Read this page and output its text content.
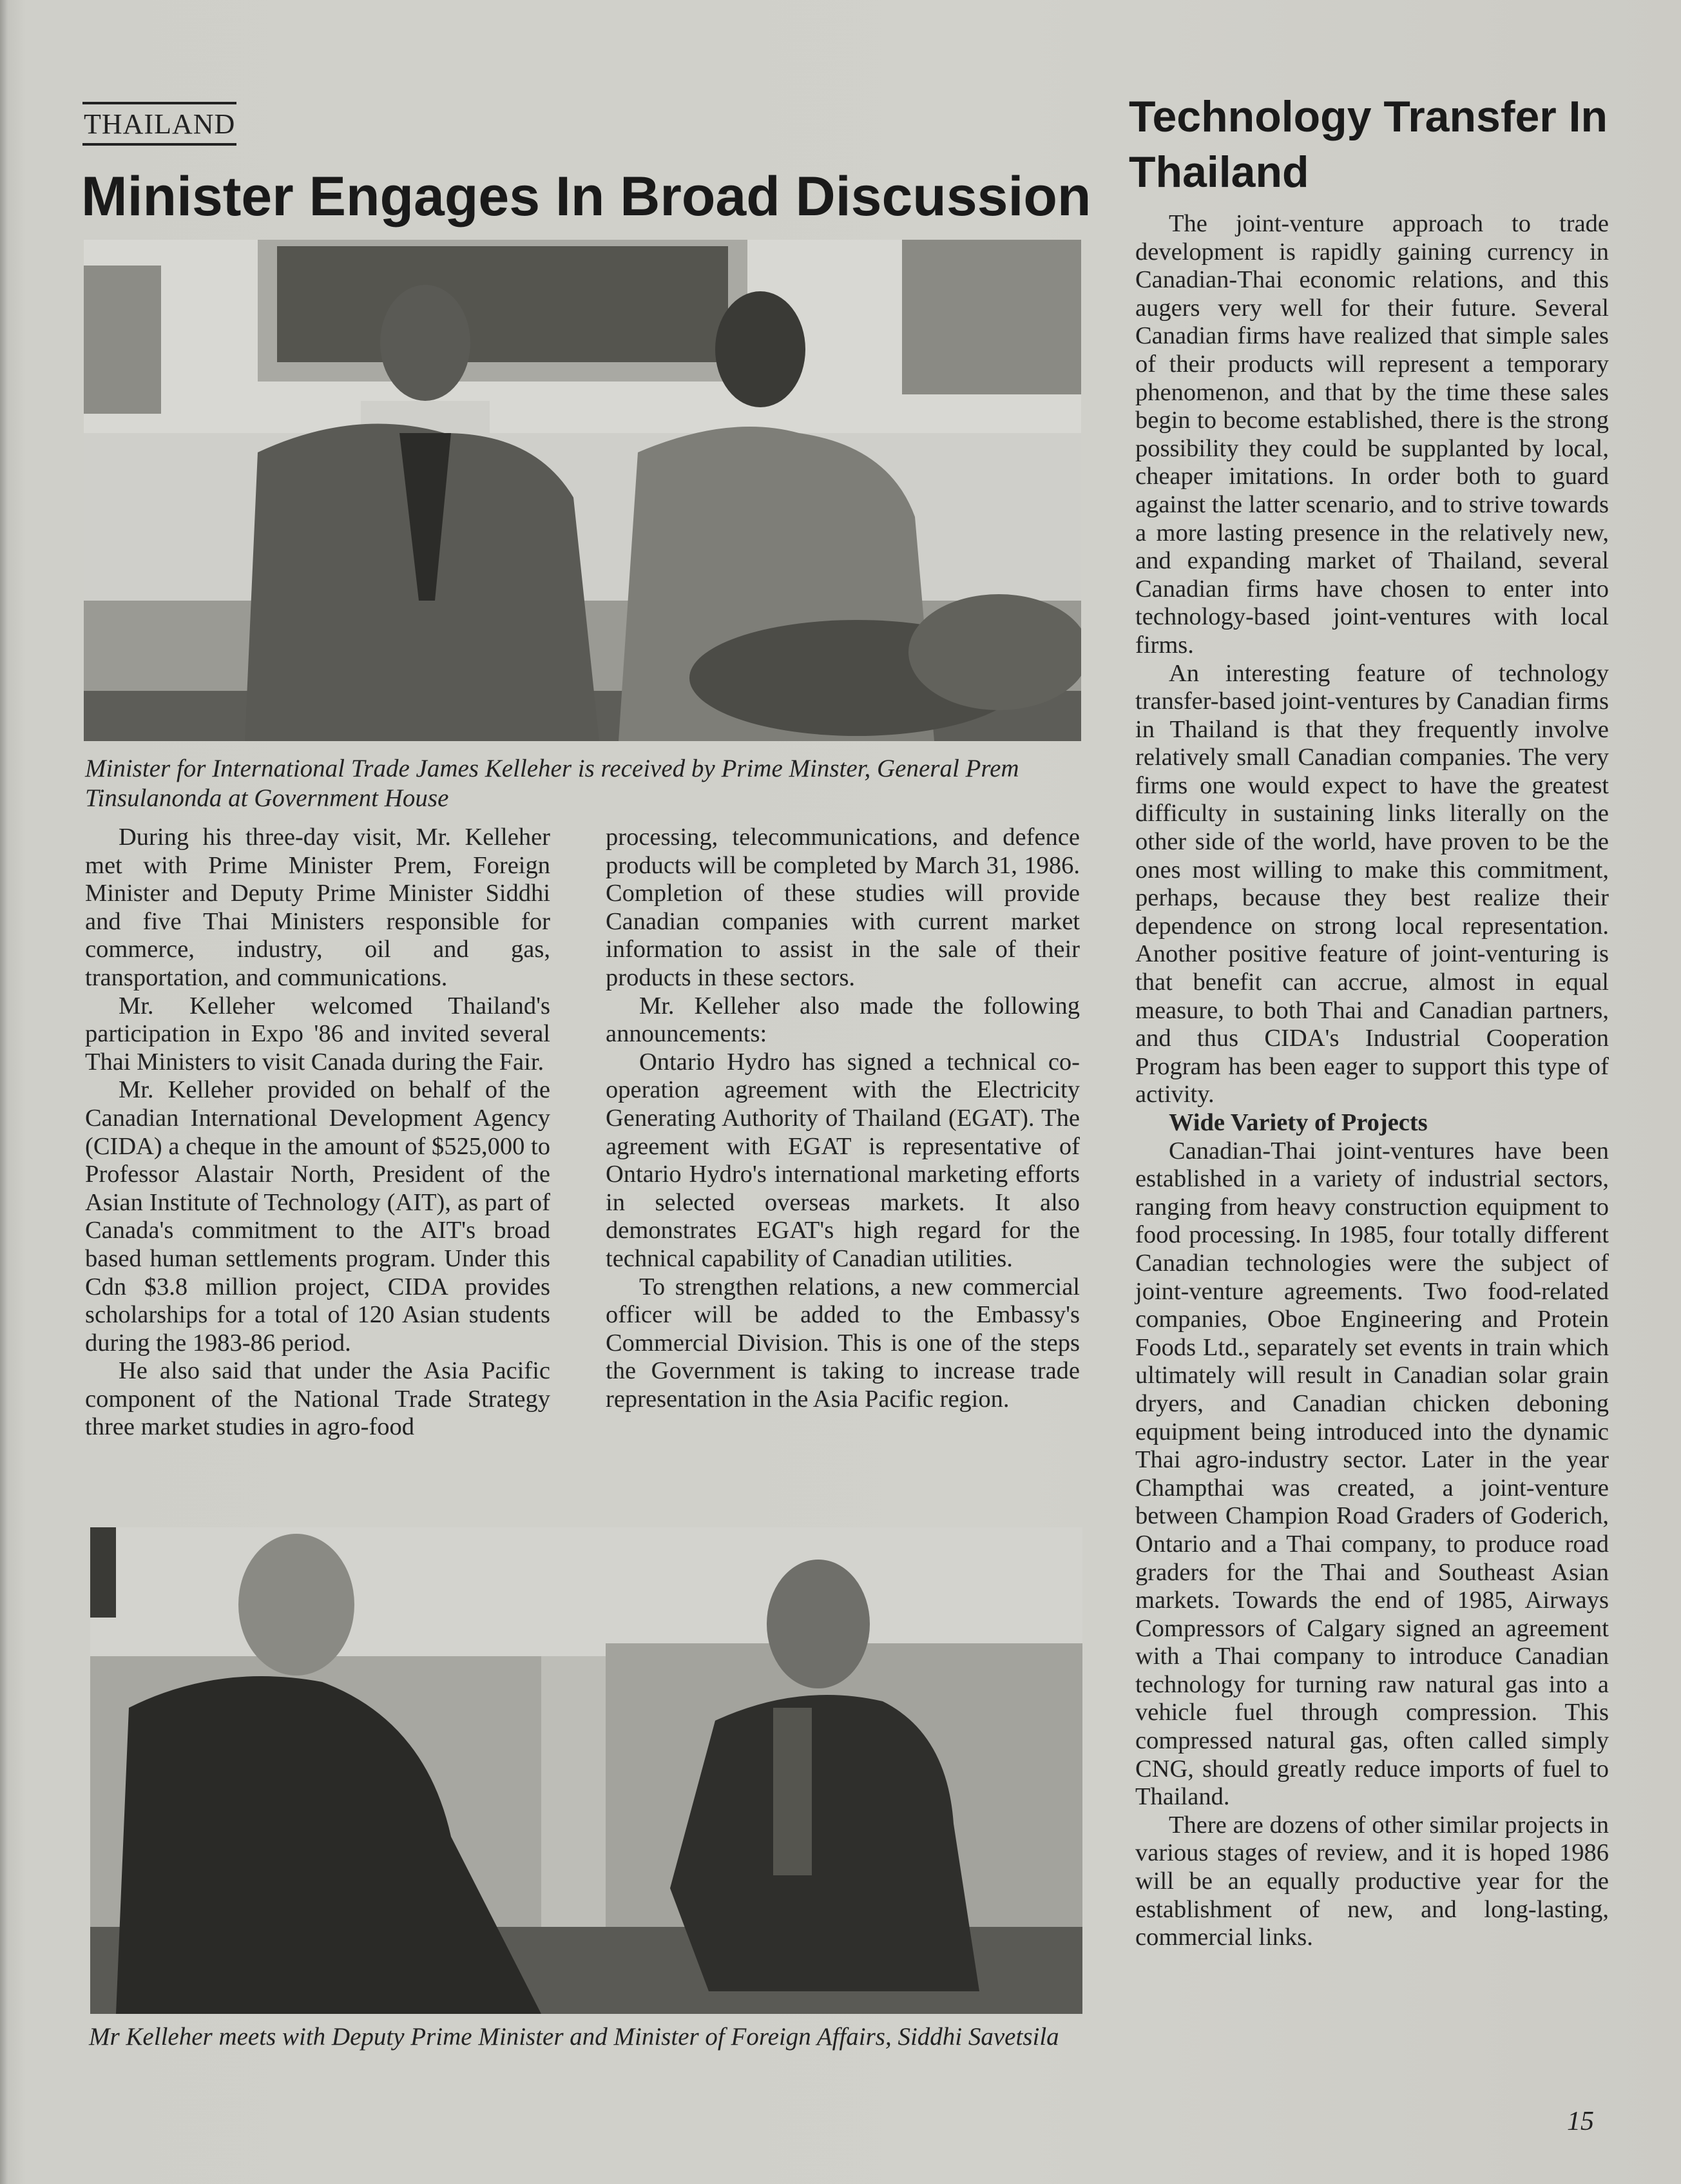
THAILAND
Minister Engages In Broad Discussion
Technology Transfer In Thailand
Minister for International Trade James Kelleher is received by Prime Minster, General Prem Tinsulanonda at Government House

During his three-day visit, Mr. Kelleher met with Prime Minister Prem, Foreign Minister and Deputy Prime Minister Siddhi and five Thai Ministers responsible for commerce, industry, oil and gas, transportation, and communications.

Mr. Kelleher welcomed Thailand's participation in Expo '86 and invited several Thai Ministers to visit Canada during the Fair.

Mr. Kelleher provided on behalf of the Canadian International Development Agency (CIDA) a cheque in the amount of $525,000 to Professor Alastair North, President of the Asian Institute of Technology (AIT), as part of Canada's commitment to the AIT's broad based human settlements program. Under this Cdn $3.8 million project, CIDA provides scholarships for a total of 120 Asian students during the 1983-86 period.

He also said that under the Asia Pacific component of the National Trade Strategy three market studies in agro-food

processing, telecommunications, and defence products will be completed by March 31, 1986. Completion of these studies will provide Canadian companies with current market information to assist in the sale of their products in these sectors.

Mr. Kelleher also made the following announcements:

Ontario Hydro has signed a technical co-operation agreement with the Electricity Generating Authority of Thailand (EGAT). The agreement with EGAT is representative of Ontario Hydro's international marketing efforts in selected overseas markets. It also demonstrates EGAT's high regard for the technical capability of Canadian utilities.

To strengthen relations, a new commercial officer will be added to the Embassy's Commercial Division. This is one of the steps the Government is taking to increase trade representation in the Asia Pacific region.

Mr Kelleher meets with Deputy Prime Minister and Minister of Foreign Affairs, Siddhi Savetsila

The joint-venture approach to trade development is rapidly gaining currency in Canadian-Thai economic relations, and this augers very well for their future. Several Canadian firms have realized that simple sales of their products will represent a temporary phenomenon, and that by the time these sales begin to become established, there is the strong possibility they could be supplanted by local, cheaper imitations. In order both to guard against the latter scenario, and to strive towards a more lasting presence in the relatively new, and expanding market of Thailand, several Canadian firms have chosen to enter into technology-based joint-ventures with local firms.

An interesting feature of technology transfer-based joint-ventures by Canadian firms in Thailand is that they frequently involve relatively small Canadian companies. The very firms one would expect to have the greatest difficulty in sustaining links literally on the other side of the world, have proven to be the ones most willing to make this commitment, perhaps, because they best realize their dependence on strong local representation. Another positive feature of joint-venturing is that benefit can accrue, almost in equal measure, to both Thai and Canadian partners, and thus CIDA's Industrial Cooperation Program has been eager to support this type of activity.

Wide Variety of Projects

Canadian-Thai joint-ventures have been established in a variety of industrial sectors, ranging from heavy construction equipment to food processing. In 1985, four totally different Canadian technologies were the subject of joint-venture agreements. Two food-related companies, Oboe Engineering and Protein Foods Ltd., separately set events in train which ultimately will result in Canadian solar grain dryers, and Canadian chicken deboning equipment being introduced into the dynamic Thai agro-industry sector. Later in the year Champthai was created, a joint-venture between Champion Road Graders of Goderich, Ontario and a Thai company, to produce road graders for the Thai and Southeast Asian markets. Towards the end of 1985, Airways Compressors of Calgary signed an agreement with a Thai company to introduce Canadian technology for turning raw natural gas into a vehicle fuel through compression. This compressed natural gas, often called simply CNG, should greatly reduce imports of fuel to Thailand.

There are dozens of other similar projects in various stages of review, and it is hoped 1986 will be an equally productive year for the establishment of new, and long-lasting, commercial links.

15
